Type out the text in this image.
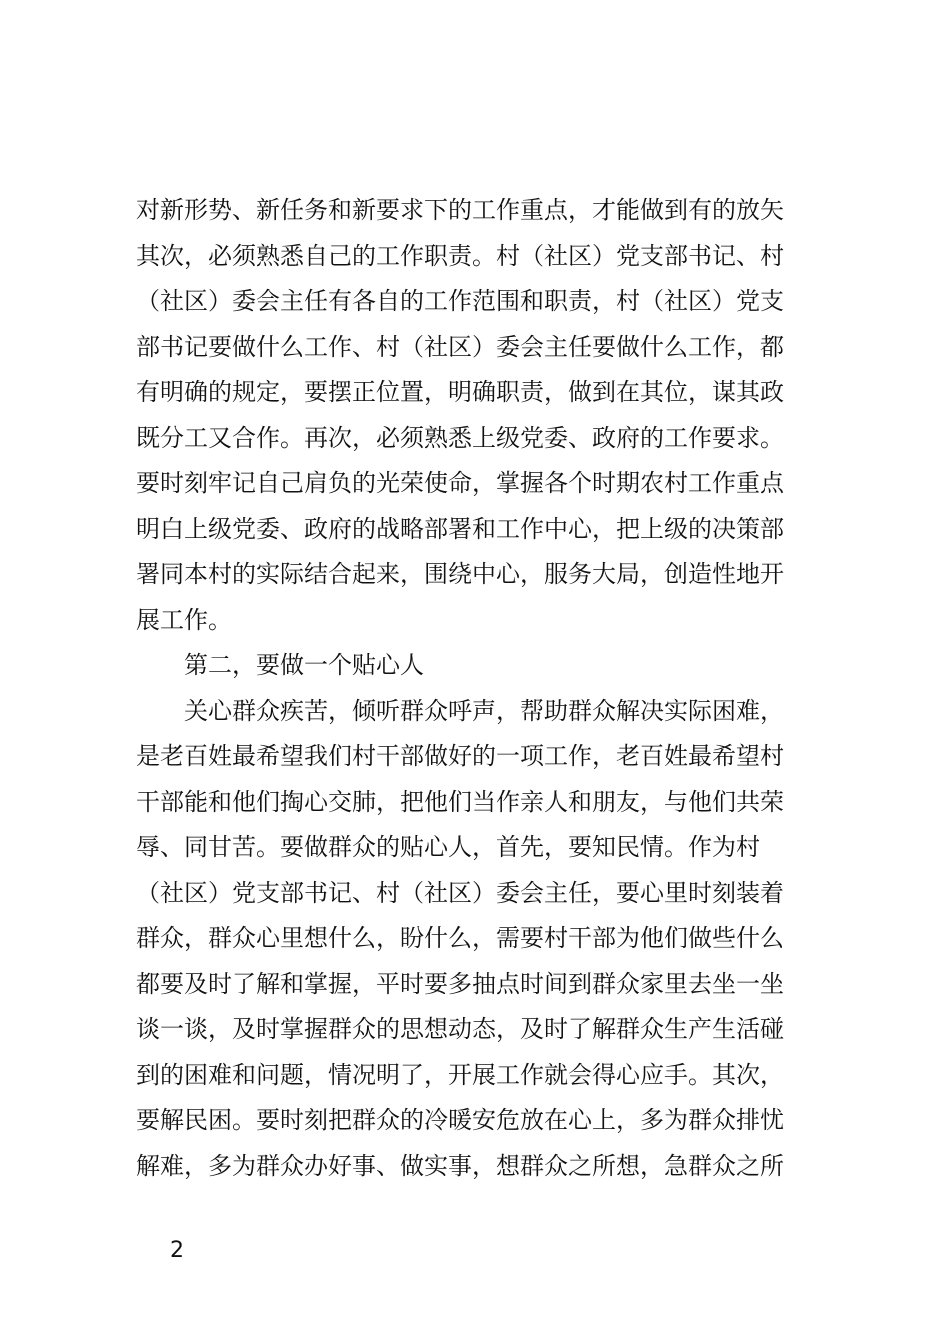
对新形势、新任务和新要求下的工作重点，才能做到有的放矢
其次，必须熟悉自己的工作职责。村（社区）党支部书记、村
（社区）委会主任有各自的工作范围和职责，村（社区）党支
部书记要做什么工作、村（社区）委会主任要做什么工作，都
有明确的规定，要摆正位置，明确职责，做到在其位，谋其政
既分工又合作。再次，必须熟悉上级党委、政府的工作要求。
要时刻牢记自己肩负的光荣使命，掌握各个时期农村工作重点
明白上级党委、政府的战略部署和工作中心，把上级的决策部
署同本村的实际结合起来，围绕中心，服务大局，创造性地开
展工作。
第二，要做一个贴心人
关心群众疾苦，倾听群众呼声，帮助群众解决实际困难，
是老百姓最希望我们村干部做好的一项工作，老百姓最希望村
干部能和他们掏心交肺，把他们当作亲人和朋友，与他们共荣
辱、同甘苦。要做群众的贴心人，首先，要知民情。作为村
（社区）党支部书记、村（社区）委会主任，要心里时刻装着
群众，群众心里想什么，盼什么，需要村干部为他们做些什么
都要及时了解和掌握，平时要多抽点时间到群众家里去坐一坐
谈一谈，及时掌握群众的思想动态，及时了解群众生产生活碰
到的困难和问题，情况明了，开展工作就会得心应手。其次，
要解民困。要时刻把群众的冷暖安危放在心上，多为群众排忧
解难，多为群众办好事、做实事，想群众之所想，急群众之所
2
